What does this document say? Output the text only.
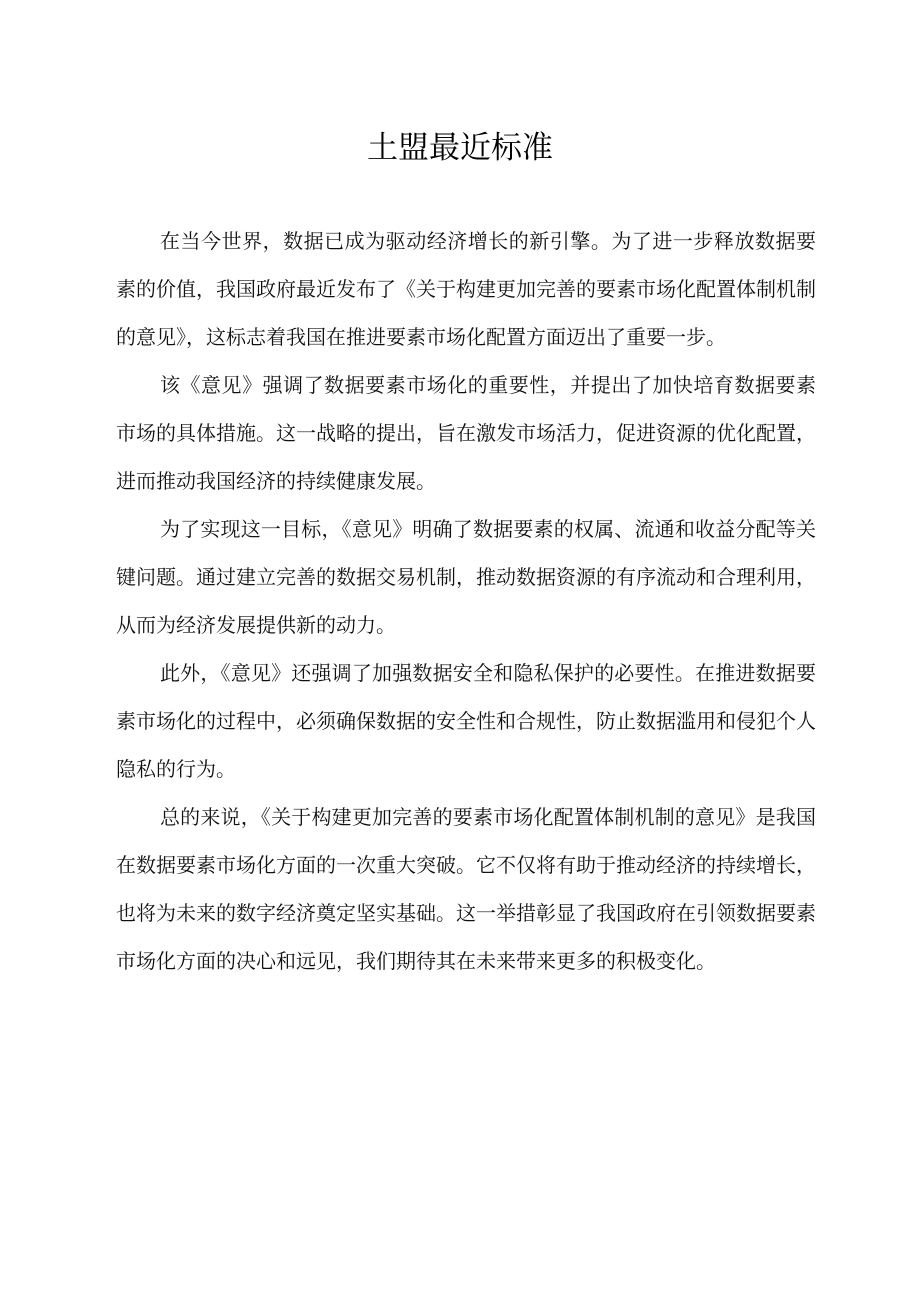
土盟最近标准

在当今世界，数据已成为驱动经济增长的新引擎。为了进一步释放数据要素的价值，我国政府最近发布了《关于构建更加完善的要素市场化配置体制机制的意见》，这标志着我国在推进要素市场化配置方面迈出了重要一步。

该《意见》强调了数据要素市场化的重要性，并提出了加快培育数据要素市场的具体措施。这一战略的提出，旨在激发市场活力，促进资源的优化配置，进而推动我国经济的持续健康发展。

为了实现这一目标，《意见》明确了数据要素的权属、流通和收益分配等关键问题。通过建立完善的数据交易机制，推动数据资源的有序流动和合理利用，从而为经济发展提供新的动力。

此外，《意见》还强调了加强数据安全和隐私保护的必要性。在推进数据要素市场化的过程中，必须确保数据的安全性和合规性，防止数据滥用和侵犯个人隐私的行为。

总的来说，《关于构建更加完善的要素市场化配置体制机制的意见》是我国在数据要素市场化方面的一次重大突破。它不仅将有助于推动经济的持续增长，也将为未来的数字经济奠定坚实基础。这一举措彰显了我国政府在引领数据要素市场化方面的决心和远见，我们期待其在未来带来更多的积极变化。
